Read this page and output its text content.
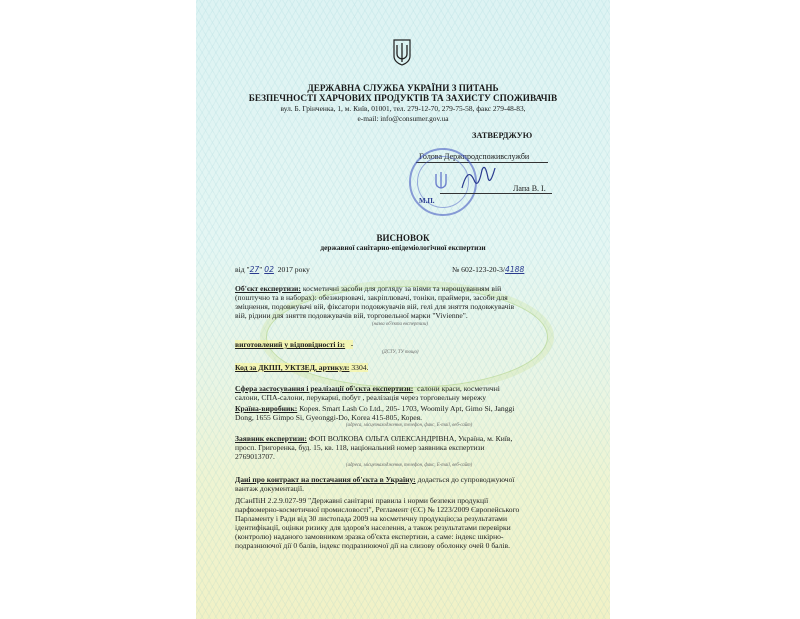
ДЕРЖАВНА СЛУЖБА УКРАЇНИ З ПИТАНЬ
БЕЗПЕЧНОСТІ ХАРЧОВИХ ПРОДУКТІВ ТА ЗАХИСТУ СПОЖИВАЧІВ
вул. Б. Грінченка, 1, м. Київ, 01001, тел. 279-12-70, 279-75-58, факс 279-48-83,
e-mail: info@consumer.gov.ua
ЗАТВЕРДЖУЮ
Голова Держпродспоживслужби
М.П.
Лапа В. І.
ВИСНОВОК
державної санітарно-епідеміологічної експертизи
від "27" 02 2017 року	№ 602-123-20-3/4188
Об'єкт експертизи: косметичні засоби для догляду за віями та нарощуванням вій
(поштучно та в наборах): обезжирювачі, закріплювачі, тоніки, праймери, засоби для
зміцнення, подовжувачі вій, фіксатори подовжувачів вій, гелі для зняття подовжувачів
вій, рідини для зняття подовжувачів вій, торговельної марки "Vivienne".
(назва об'єкта експертизи)
виготовлений у відповідності із: -
(ДСТУ, ТУ тощо)
Код за ДКПП, УКТЗЕД, артикул: 3304.
Сфера застосування і реалізації об'єкта експертизи: салони краси, косметичні
салони, СПА-салони, перукарні, побут , реалізація через торговельну мережу
Країна-виробник: Корея. Smart Lash Co Ltd., 205- 1703, Woomily Apt, Gimo Si, Janggi
Dong, 1655 Gimpo Si, Gyeonggi-Do, Korea 415-805, Корея.
(адреса, місцезнаходження, телефон, факс, E-mail, веб-сайт)
Заявник експертизи: ФОП ВОЛКОВА ОЛЬГА ОЛЕКСАНДРІВНА, Україна, м. Київ,
просп. Григоренка, буд. 15, кв. 118, національний номер заявника експертизи
2769013707.
(адреса, місцезнаходження, телефон, факс, E-mail, веб-сайт)
Дані про контракт на постачання об'єкта в Україну: додається до супроводжуючої
вантаж документації.
ДСанПіН 2.2.9.027-99 "Державні санітарні правила і норми безпеки продукції
парфюмерно-косметичної промисловості", Регламент (ЄС) № 1223/2009 Європейського
Парламенту і Ради від 30 листопада 2009 на косметичну продукцію;за результатами
ідентифікації, оцінки ризику для здоров'я населення, а також результатами перевірки
(контролю) наданого замовником зразка об'єкта експертизи, а саме: індекс шкірно-
подразнюючої дії 0 балів, індекс подразнюючої дії на слизову оболонку очей 0 балів.
